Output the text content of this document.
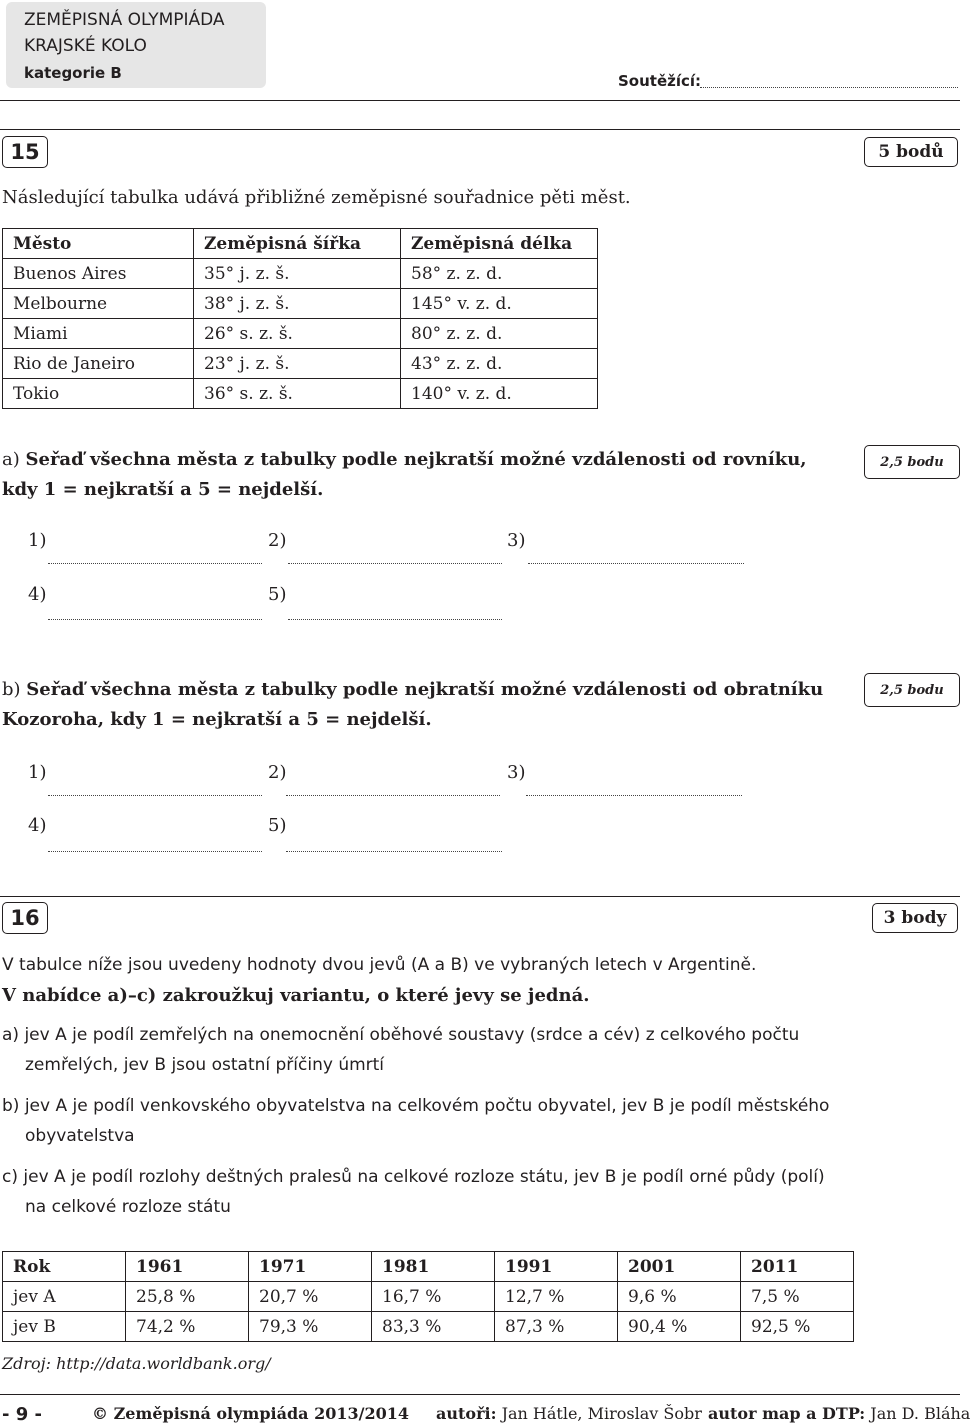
ZEMĚPISNÁ OLYMPIÁDA
KRAJSKÉ KOLO
kategorie B	Soutěžící:
15	5 bodů
Následující tabulka udává přibližné zeměpisné souřadnice pěti měst.
Město	Zeměpisná šířka	Zeměpisná délka
Buenos Aires	35° j. z. š.	58° z. z. d.
Melbourne	38° j. z. š.	145° v. z. d.
Miami	26° s. z. š.	80° z. z. d.
Rio de Janeiro	23° j. z. š.	43° z. z. d.
Tokio	36° s. z. š.	140° v. z. d.
a) Seřaď všechna města z tabulky podle nejkratší možné vzdálenosti od rovníku,
kdy 1 = nejkratší a 5 = nejdelší.
2,5 bodu
1)	2)	3)
4)	5)
b) Seřaď všechna města z tabulky podle nejkratší možné vzdálenosti od obratníku
Kozoroha, kdy 1 = nejkratší a 5 = nejdelší.
2,5 bodu
1)	2)	3)
4)	5)
16	3 body
V tabulce níže jsou uvedeny hodnoty dvou jevů (A a B) ve vybraných letech v Argentině.
V nabídce a)–c) zakroužkuj variantu, o které jevy se jedná.
a) jev A je podíl zemřelých na onemocnění oběhové soustavy (srdce a cév) z celkového počtu
zemřelých, jev B jsou ostatní příčiny úmrtí
b) jev A je podíl venkovského obyvatelstva na celkovém počtu obyvatel, jev B je podíl městského
obyvatelstva
c) jev A je podíl rozlohy deštných pralesů na celkové rozloze státu, jev B je podíl orné půdy (polí)
na celkové rozloze státu
Rok	1961	1971	1981	1991	2001	2011
jev A	25,8 %	20,7 %	16,7 %	12,7 %	9,6 %	7,5 %
jev B	74,2 %	79,3 %	83,3 %	87,3 %	90,4 %	92,5 %
Zdroj: http://data.worldbank.org/
- 9 -	© Zeměpisná olympiáda 2013/2014 autoři: Jan Hátle, Miroslav Šobr autor map a DTP: Jan D. Bláha
